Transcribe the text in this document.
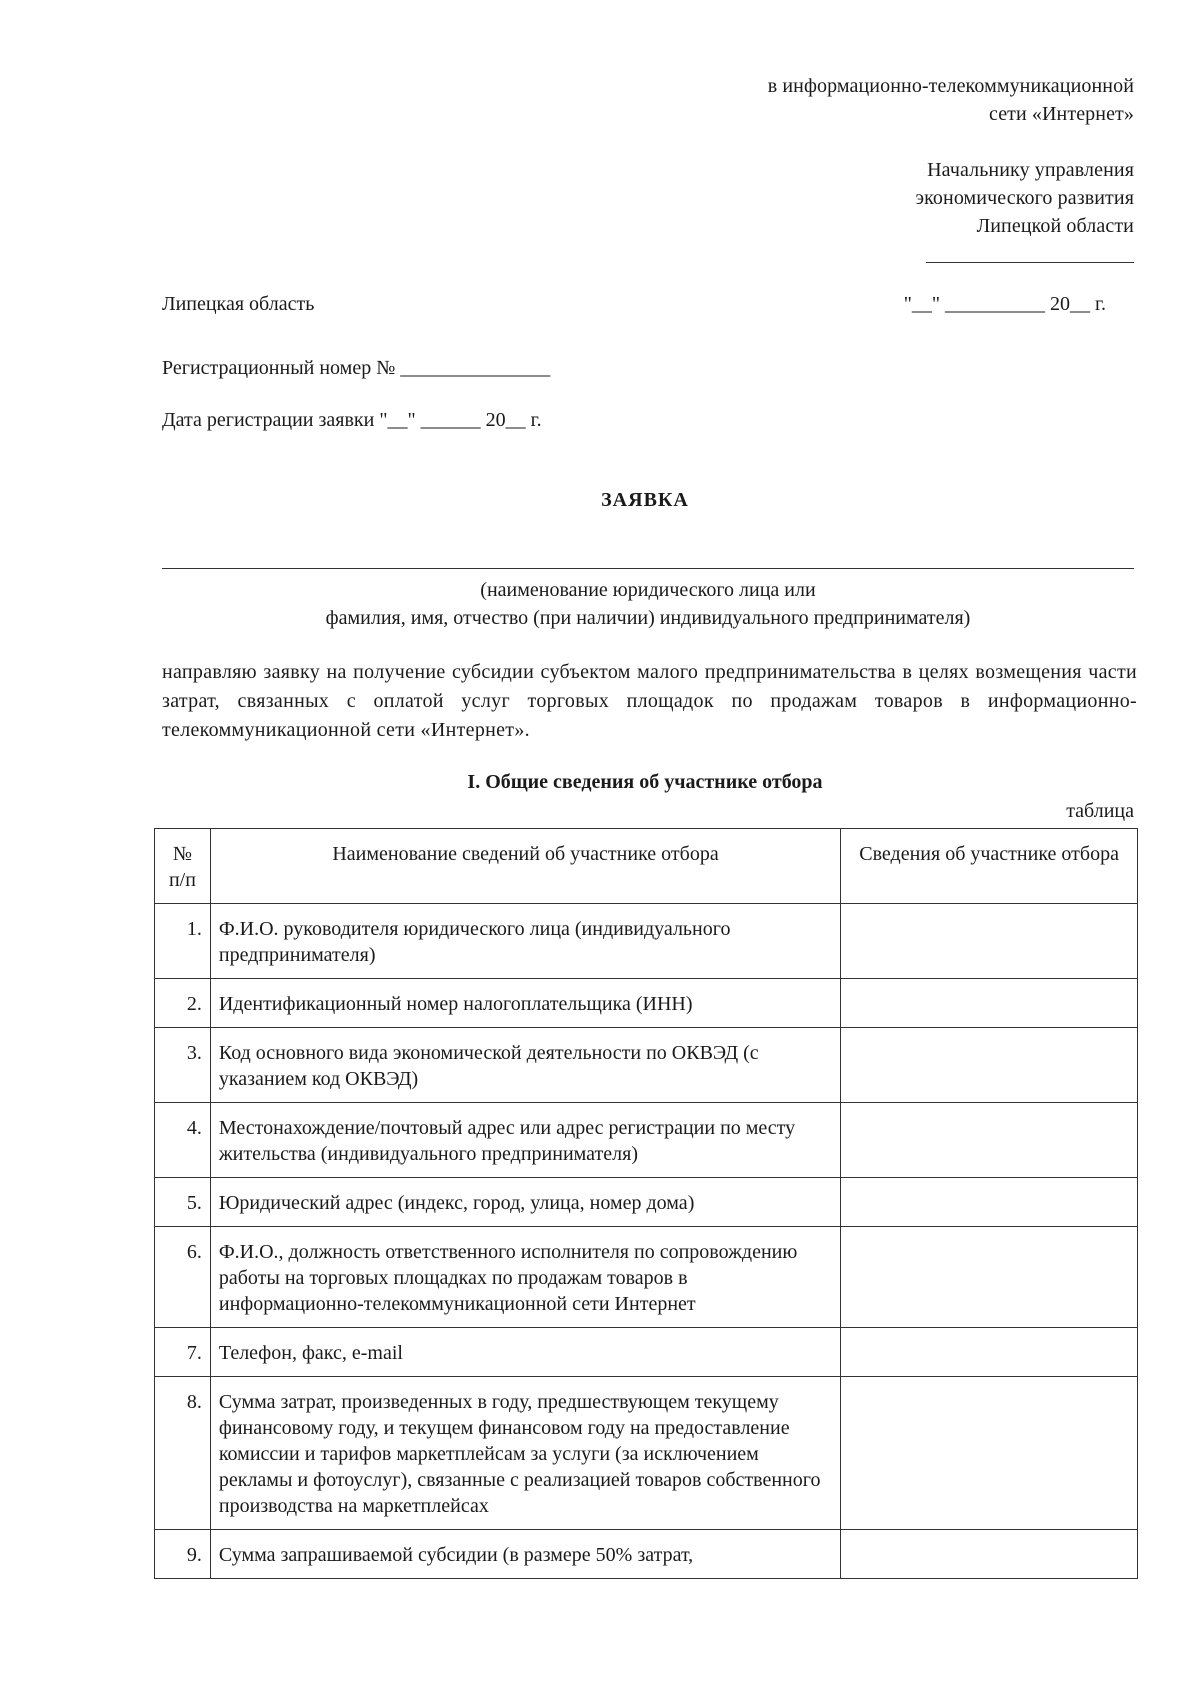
в информационно-телекоммуникационной
сети «Интернет»
Начальнику управления
экономического развития
Липецкой области
Липецкая область	"__" __________ 20__ г.
Регистрационный номер № _______________
Дата регистрации заявки "__" ______ 20__ г.
ЗАЯВКА
(наименование юридического лица или
фамилия, имя, отчество (при наличии) индивидуального предпринимателя)
направляю заявку на получение субсидии субъектом малого предпринимательства в целях возмещения части затрат, связанных с оплатой услуг торговых площадок по продажам товаров в информационно-телекоммуникационной сети «Интернет».
I. Общие сведения об участнике отбора
таблица
№ п/п	Наименование сведений об участнике отбора	Сведения об участнике отбора
1.	Ф.И.О. руководителя юридического лица (индивидуального предпринимателя)	
2.	Идентификационный номер налогоплательщика (ИНН)	
3.	Код основного вида экономической деятельности по ОКВЭД (с указанием код ОКВЭД)	
4.	Местонахождение/почтовый адрес или адрес регистрации по месту жительства (индивидуального предпринимателя)	
5.	Юридический адрес (индекс, город, улица, номер дома)	
6.	Ф.И.О., должность ответственного исполнителя по сопровождению работы на торговых площадках по продажам товаров в информационно-телекоммуникационной сети Интернет	
7.	Телефон, факс, e-mail	
8.	Сумма затрат, произведенных в году, предшествующем текущему финансовому году, и текущем финансовом году на предоставление комиссии и тарифов маркетплейсам за услуги (за исключением рекламы и фотоуслуг), связанные с реализацией товаров собственного производства на маркетплейсах	
9.	Сумма запрашиваемой субсидии (в размере 50% затрат,	
